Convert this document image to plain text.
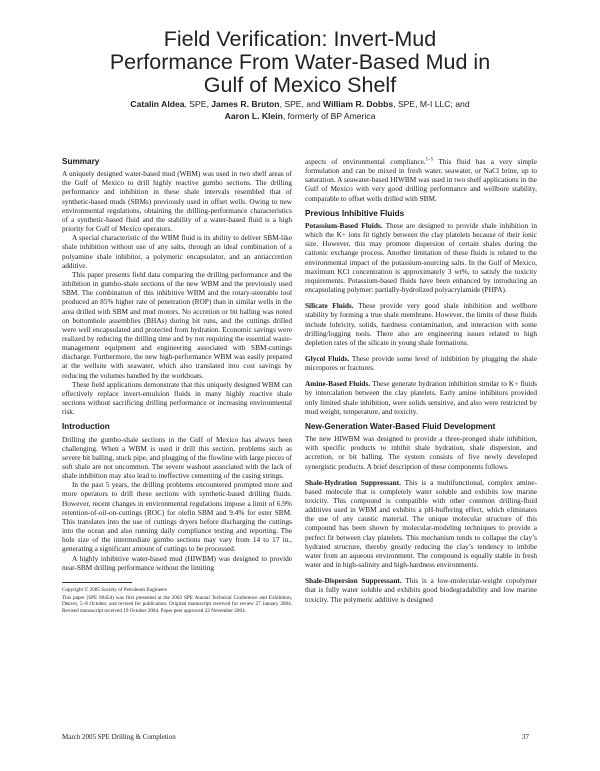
Field Verification: Invert-Mud
Performance From Water-Based Mud in
Gulf of Mexico Shelf
Catalin Aldea, SPE, James R. Bruton, SPE, and William R. Dobbs, SPE, M-I LLC; and
Aaron L. Klein, formerly of BP America
Summary

A uniquely designed water-based mud (WBM) was used in two shelf areas of the Gulf of Mexico to drill highly reactive gumbo sections. The drilling performance and inhibition in these shale intervals resembled that of synthetic-based muds (SBMs) previously used in offset wells. Owing to new environmental regulations, obtaining the drilling-performance characteristics of a synthetic-based fluid and the stability of a water-based fluid is a high priority for Gulf of Mexico operators.

A special characteristic of the WBM fluid is its ability to deliver SBM-like shale inhibition without use of any salts, through an ideal combination of a polyamine shale inhibitor, a polymeric encapsulator, and an antiaccretion additive.

This paper presents field data comparing the drilling performance and the inhibition in gumbo-shale sections of the new WBM and the previously used SBM. The combination of this inhibitive WBM and the rotary-steerable tool produced an 85% higher rate of penetration (ROP) than in similar wells in the area drilled with SBM and mud motors. No accretion or bit balling was noted on bottomhole assemblies (BHAs) during bit runs, and the cuttings drilled were well encapsulated and protected from hydration. Economic savings were realized by reducing the drilling time and by not requiring the essential waste-management equipment and engineering associated with SBM-cuttings discharge. Furthermore, the new high-performance WBM was easily prepared at the wellsite with seawater, which also translated into cost savings by reducing the volumes handled by the workboats.

These field applications demonstrate that this uniquely designed WBM can effectively replace invert-emulsion fluids in many highly reactive shale sections without sacrificing drilling performance or increasing environmental risk.

Introduction

Drilling the gumbo-shale sections in the Gulf of Mexico has always been challenging. When a WBM is used it drill this section, problems such as severe bit balling, stuck pipe, and plugging of the flowline with large pieces of soft shale are not uncommon. The severe washout associated with the lack of shale inhibition may also lead to ineffective cementing of the casing strings.

In the past 5 years, the drilling problems encountered prompted more and more operators to drill these sections with synthetic-based drilling fluids. However, recent changes in environmental regulations impose a limit of 6.9% retention-of-oil-on-cuttings (ROC) for olefin SBM and 9.4% for ester SBM. This translates into the use of cuttings dryers before discharging the cuttings into the ocean and also running daily compliance testing and reporting. The hole size of the intermediate gumbo sections may vary from 14 to 17 in., generating a significant amount of cuttings to be processed.

A highly inhibitive water-based mud (HIWBM) was designed to provide near-SBM drilling performance without the limiting

Copyright © 2005 Society of Petroleum Engineers

This paper (SPE 86454) was first presented at the 2003 SPE Annual Technical Conference and Exhibition, Denver, 5–8 October, and revised for publication. Original manuscript received for review 27 January 2004. Revised manuscript received 19 October 2004. Paper peer approved 22 November 2004.

aspects of environmental compliance.$^{1-5}$ This fluid has a very simple formulation and can be mixed in fresh water, seawater, or NaCl brine, up to saturation. A seawater-based HIWBM was used in two shelf applications in the Gulf of Mexico with very good drilling performance and wellbore stability, comparable to offset wells drilled with SBM.

Previous Inhibitive Fluids

Potassium-Based Fluids. These are designed to provide shale inhibition in which the K+ ions fit tightly between the clay platelets because of their ionic size. However, this may promote dispersion of certain shales during the cationic exchange process. Another limitation of these fluids is related to the environmental impact of the potassium-sourcing salts. In the Gulf of Mexico, maximum KCl concentration is approximately 3 wt%, to satisfy the toxicity requirements. Potassium-based fluids have been enhanced by introducing an encapsulating polymer: partially-hydrolized polyacrylamide (PHPA).

Silicate Fluids. These provide very good shale inhibition and wellbore stability by forming a true shale membrane. However, the limits of these fluids include lubricity, solids, hardness contamination, and interaction with some drilling/logging tools. There also are engineering issues related to high depletion rates of the silicate in young shale formations.

Glycol Fluids. These provide some level of inhibition by plugging the shale micropores or fractures.

Amine-Based Fluids. These generate hydration inhibition similar to K+ fluids by intercalation between the clay platelets. Early amine inhibitors provided only limited shale inhibition, were solids sensitive, and also were restricted by mud weight, temperature, and toxicity.

New-Generation Water-Based Fluid Development

The new HIWBM was designed to provide a three-pronged shale inhibition, with specific products to inhibit shale hydration, shale dispersion, and accretion, or bit balling. The system consists of five newly developed synergistic products. A brief description of these components follows.

Shale-Hydration Suppressant. This is a multifunctional, complex amine-based molecule that is completely water soluble and exhibits low marine toxicity. This compound is compatible with other common drilling-fluid additives used in WBM and exhibits a pH-buffering effect, which eliminates the use of any caustic material. The unique molecular structure of this compound has been shown by molecular-modeling techniques to provide a perfect fit between clay platelets. This mechanism tends to collapse the clay’s hydrated structure, thereby greatly reducing the clay’s tendency to imbibe water from an aqueous environment. The compound is equally stable in fresh water and in high-salinity and high-hardness environments.

Shale-Dispersion Suppressant. This is a low-molecular-weight copolymer that is fully water soluble and exhibits good biodegradability and low marine toxicity. The polymeric additive is designed

March 2005 SPE Drilling & Completion	37
